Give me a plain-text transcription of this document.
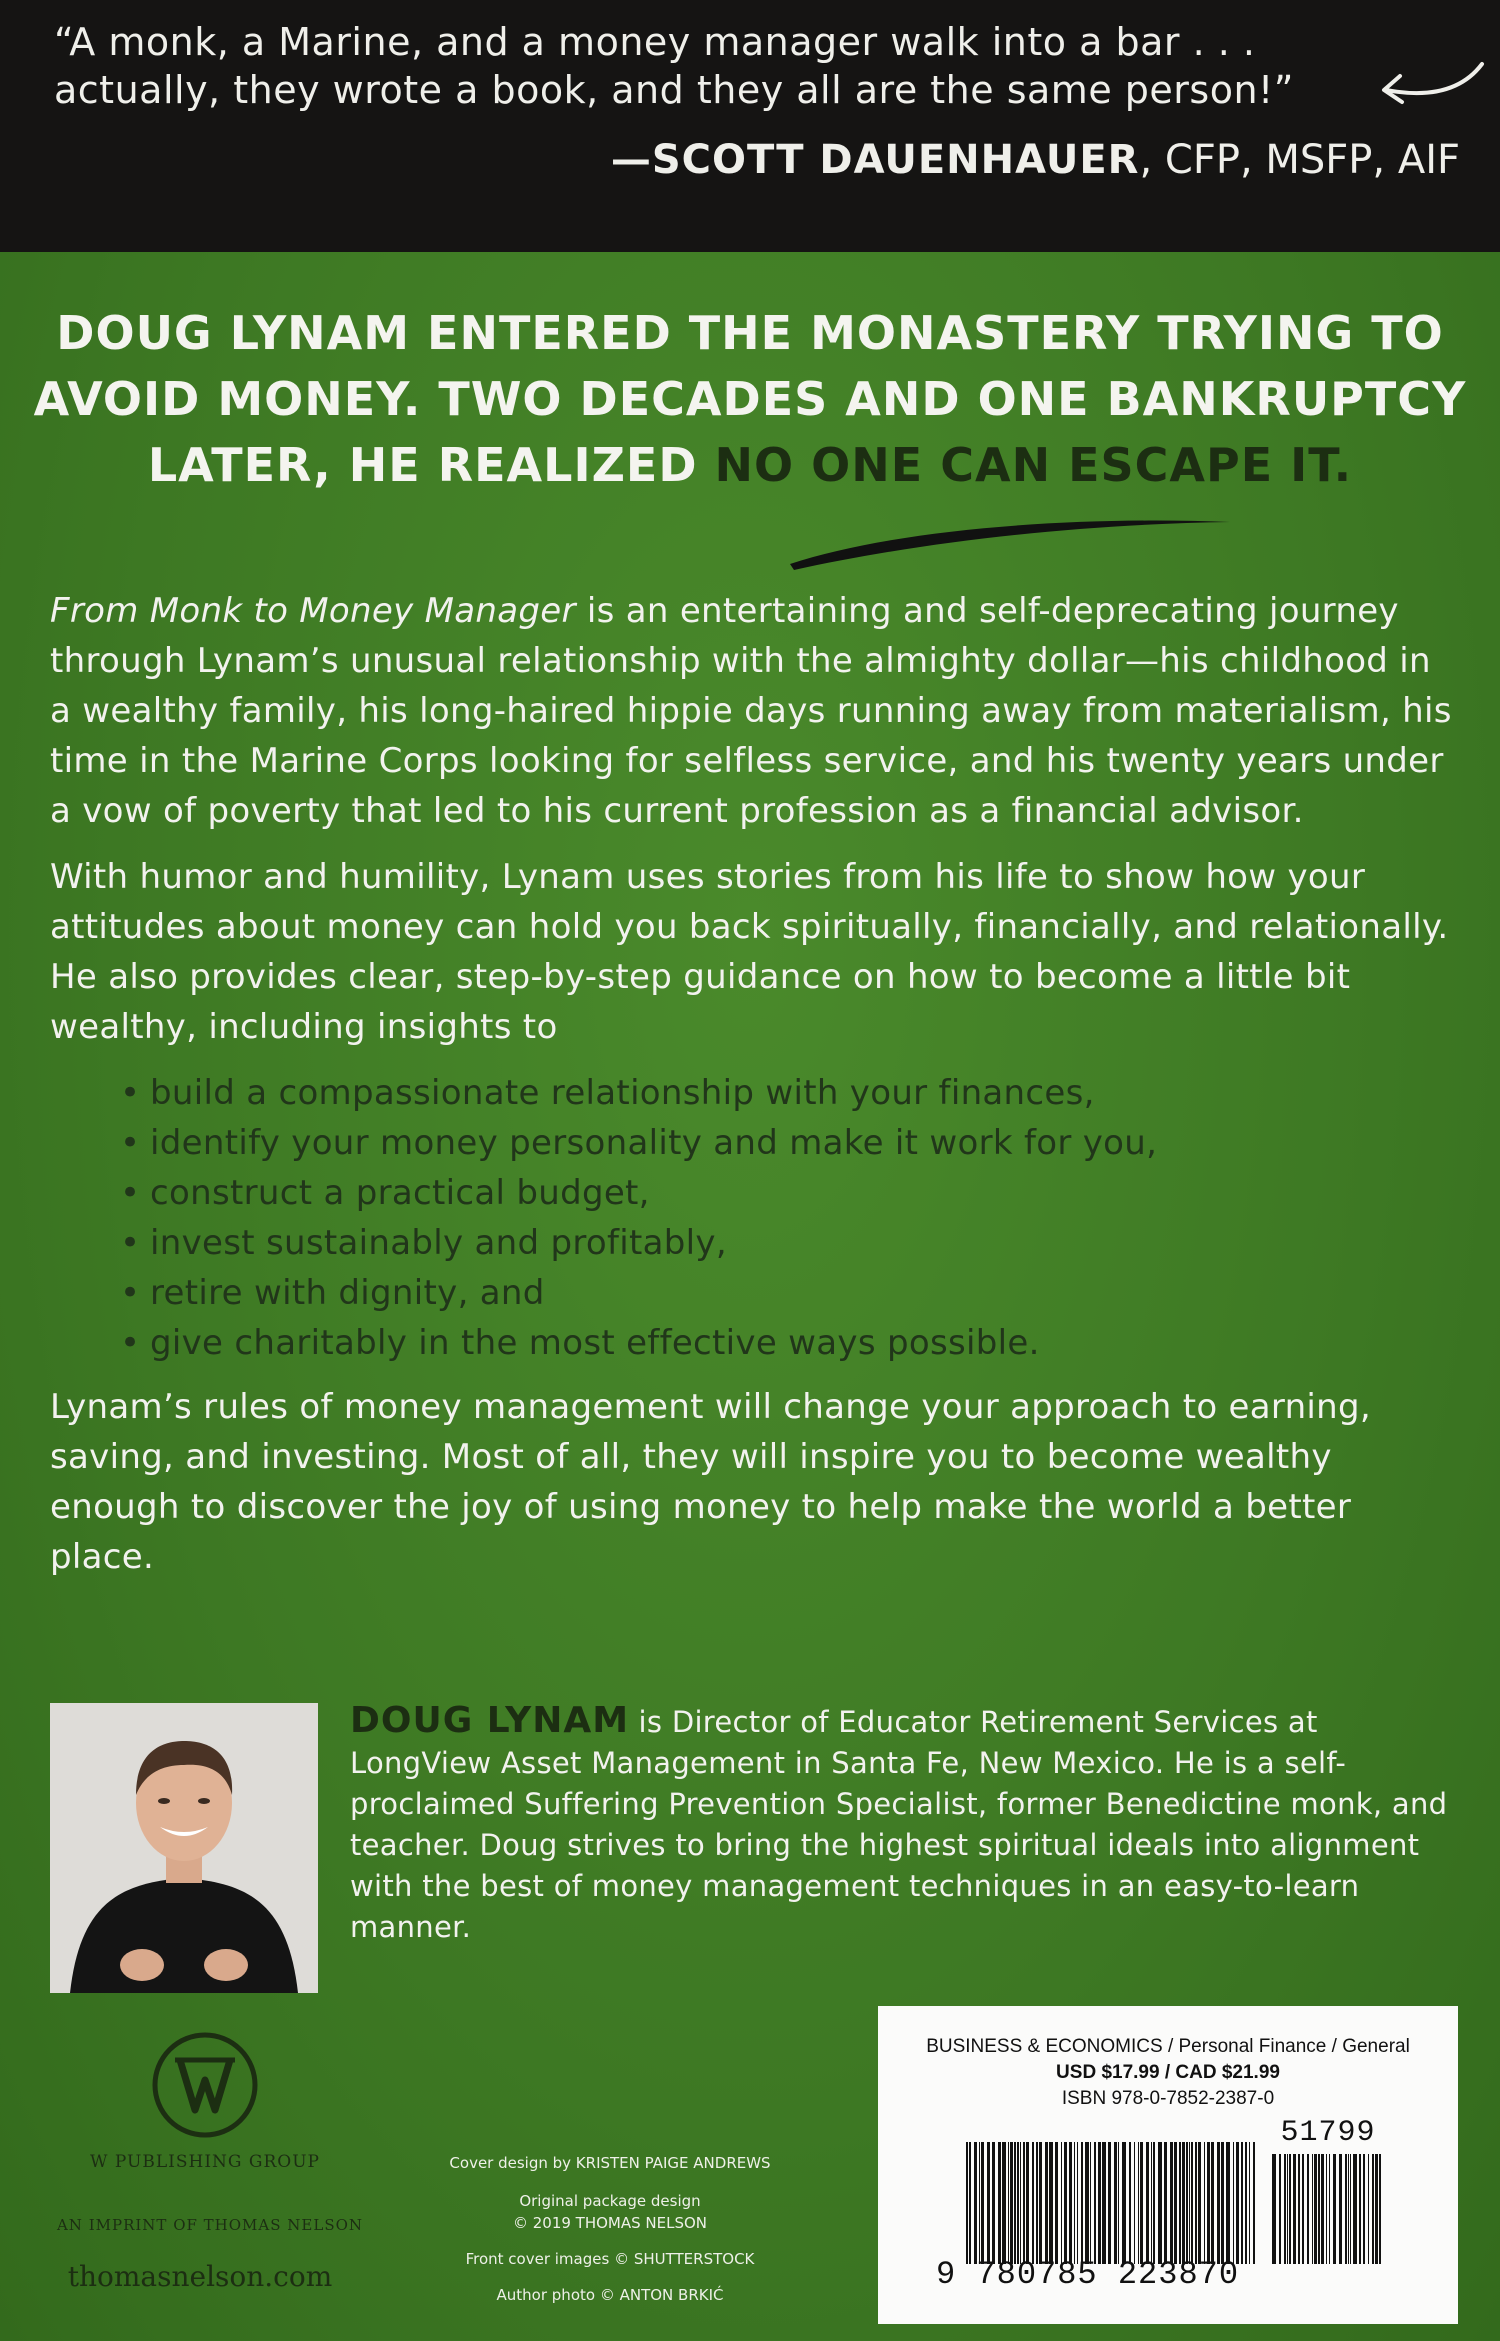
“A monk, a Marine, and a money manager walk into a bar . . .
actually, they wrote a book, and they all are the same person!”
—SCOTT DAUENHAUER, CFP, MSFP, AIF
DOUG LYNAM ENTERED THE MONASTERY TRYING TO
AVOID MONEY. TWO DECADES AND ONE BANKRUPTCY
LATER, HE REALIZED NO ONE CAN ESCAPE IT.

From Monk to Money Manager is an entertaining and self-deprecating journey through Lynam’s unusual relationship with the almighty dollar—his childhood in a wealthy family, his long-haired hippie days running away from materialism, his time in the Marine Corps looking for selfless service, and his twenty years under a vow of poverty that led to his current profession as a financial advisor.

With humor and humility, Lynam uses stories from his life to show how your attitudes about money can hold you back spiritually, financially, and relationally. He also provides clear, step-by-step guidance on how to become a little bit wealthy, including insights to

• build a compassionate relationship with your finances,
• identify your money personality and make it work for you,
• construct a practical budget,
• invest sustainably and profitably,
• retire with dignity, and
• give charitably in the most effective ways possible.

Lynam’s rules of money management will change your approach to earning, saving, and investing. Most of all, they will inspire you to become wealthy enough to discover the joy of using money to help make the world a better place.

DOUG LYNAM is Director of Educator Retirement Services at LongView Asset Management in Santa Fe, New Mexico. He is a self-proclaimed Suffering Prevention Specialist, former Benedictine monk, and teacher. Doug strives to bring the highest spiritual ideals into alignment with the best of money management techniques in an easy-to-learn manner.
W PUBLISHING GROUP
AN IMPRINT OF THOMAS NELSON
thomasnelson.com
Cover design by KRISTEN PAIGE ANDREWS
Original package design
© 2019 THOMAS NELSON
Front cover images © SHUTTERSTOCK
Author photo © ANTON BRKIĆ
BUSINESS & ECONOMICS / Personal Finance / General
USD $17.99 / CAD $21.99
ISBN 978-0-7852-2387-0
51799
9 780785 223870
